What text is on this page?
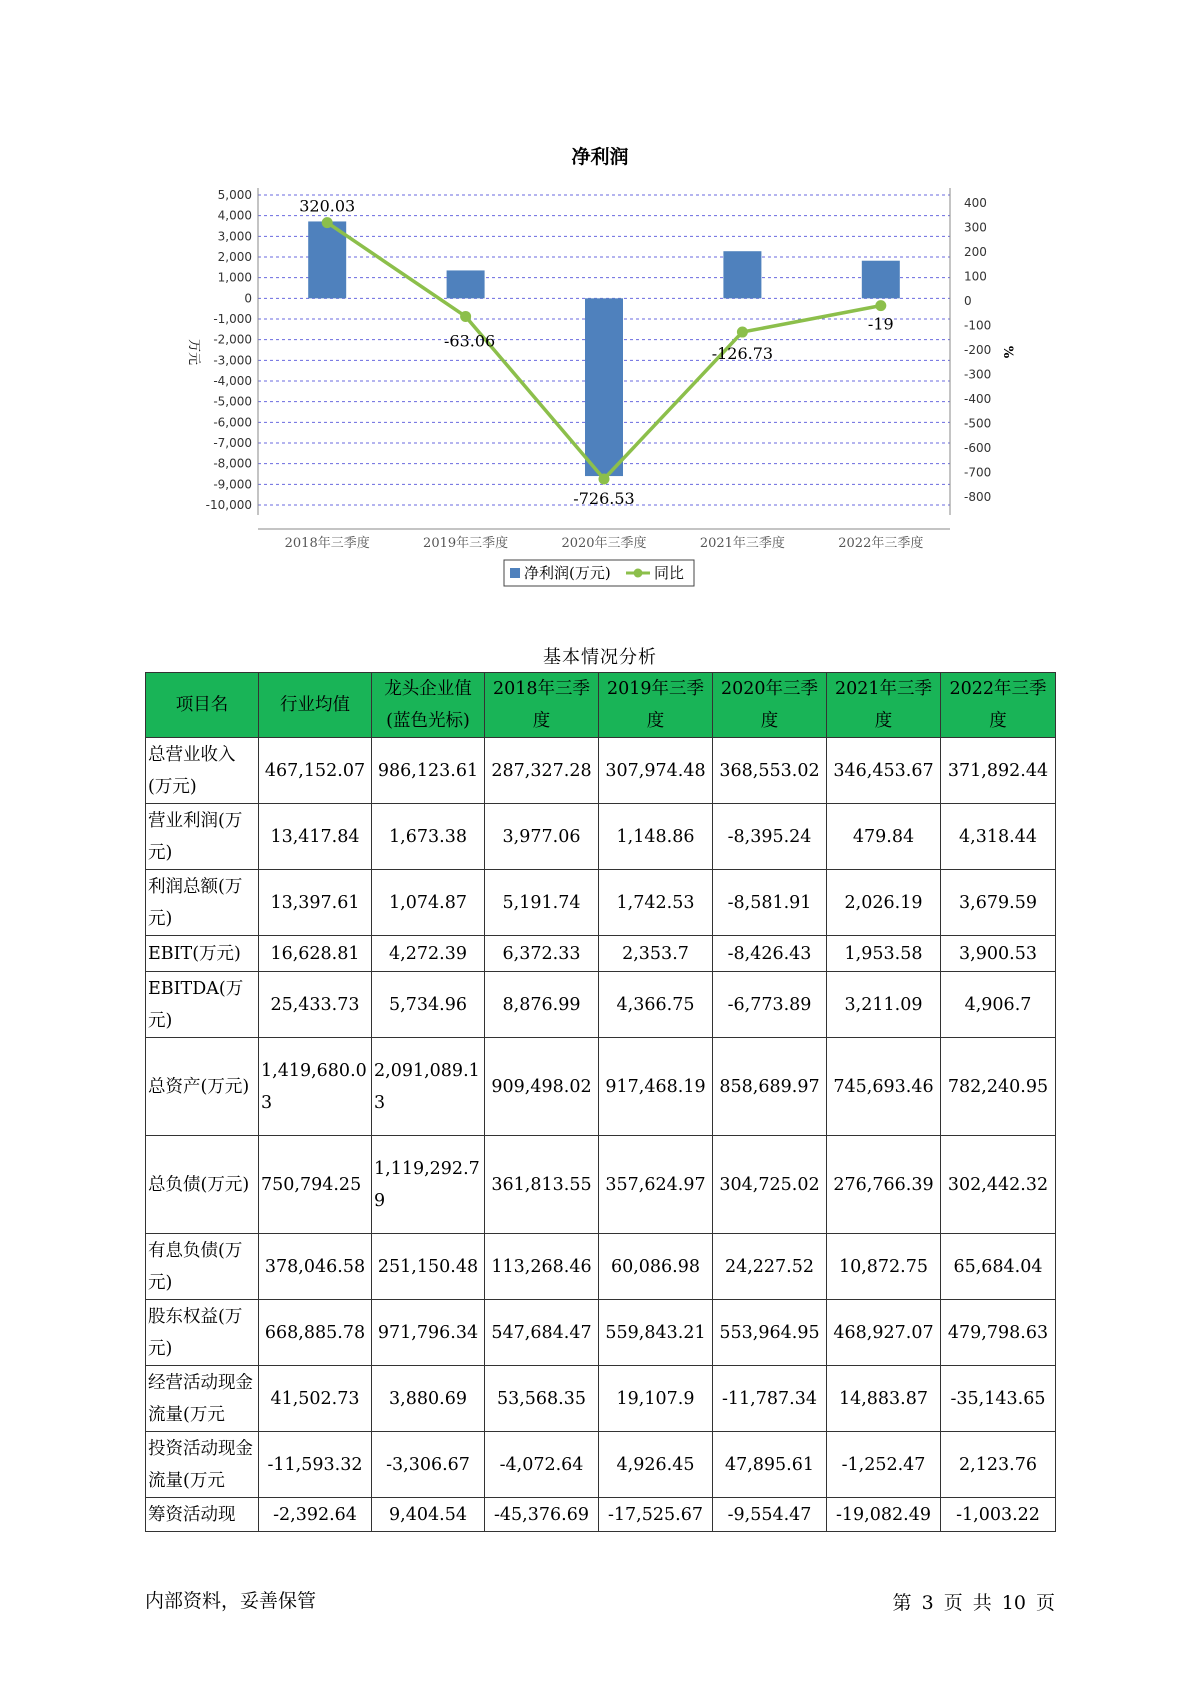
净利润
5,000
4,000
3,000
2,000
1,000
0
-1,000
-2,000
-3,000
-4,000
-5,000
-6,000
-7,000
-8,000
-9,000
-10,000
400
300
200
100
0
-100
-200
-300
-400
-500
-600
-700
-800
万元	%
320.03
-63.06
-726.53
-126.73
-19
2018年三季度	2019年三季度	2020年三季度	2021年三季度	2022年三季度
净利润(万元)	同比
基本情况分析
项目名	行业均值	龙头企业值(蓝色光标)	2018年三季度	2019年三季度	2020年三季度	2021年三季度	2022年三季度
总营业收入(万元)	467,152.07	986,123.61	287,327.28	307,974.48	368,553.02	346,453.67	371,892.44
营业利润(万元)	13,417.84	1,673.38	3,977.06	1,148.86	-8,395.24	479.84	4,318.44
利润总额(万元)	13,397.61	1,074.87	5,191.74	1,742.53	-8,581.91	2,026.19	3,679.59
EBIT(万元)	16,628.81	4,272.39	6,372.33	2,353.7	-8,426.43	1,953.58	3,900.53
EBITDA(万元)	25,433.73	5,734.96	8,876.99	4,366.75	-6,773.89	3,211.09	4,906.7
总资产(万元)	1,419,680.03	2,091,089.13	909,498.02	917,468.19	858,689.97	745,693.46	782,240.95
总负债(万元)	750,794.25	1,119,292.79	361,813.55	357,624.97	304,725.02	276,766.39	302,442.32
有息负债(万元)	378,046.58	251,150.48	113,268.46	60,086.98	24,227.52	10,872.75	65,684.04
股东权益(万元)	668,885.78	971,796.34	547,684.47	559,843.21	553,964.95	468,927.07	479,798.63
经营活动现金流量(万元	41,502.73	3,880.69	53,568.35	19,107.9	-11,787.34	14,883.87	-35,143.65
投资活动现金流量(万元	-11,593.32	-3,306.67	-4,072.64	4,926.45	47,895.61	-1,252.47	2,123.76
筹资活动现	-2,392.64	9,404.54	-45,376.69	-17,525.67	-9,554.47	-19,082.49	-1,003.22
内部资料，妥善保管	第 3 页 共 10 页
